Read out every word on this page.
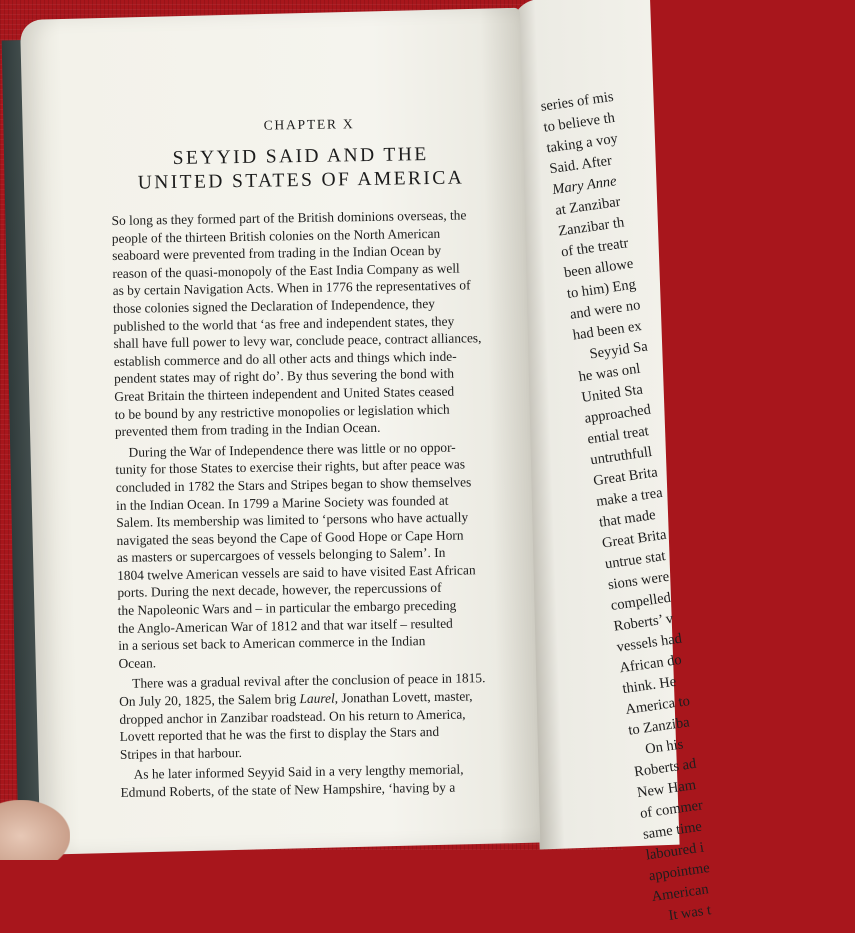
series of mis
to believe th
taking a voy
Said. After
Mary Anne
at Zanzibar
Zanzibar th
of the treatr
been allowe
to him) Eng
and were no
had been ex
Seyyid Sa
he was onl
United Sta
approached
ential treat
untruthfull
Great Brita
make a trea
that made
Great Brita
untrue stat
sions were
compelled
Roberts’ v
vessels had
African do
think. He
America to
to Zanziba
On his
Roberts ad
New Ham
of commer
same time
laboured i
appointme
American
It was t
CHAPTER X
SEYYID SAID AND THE
UNITED STATES OF AMERICA

So long as they formed part of the British dominions overseas, the
people of the thirteen British colonies on the North American
seaboard were prevented from trading in the Indian Ocean by
reason of the quasi-monopoly of the East India Company as well
as by certain Navigation Acts. When in 1776 the representatives of
those colonies signed the Declaration of Independence, they
published to the world that ‘as free and independent states, they
shall have full power to levy war, conclude peace, contract alliances,
establish commerce and do all other acts and things which inde-
pendent states may of right do’. By thus severing the bond with
Great Britain the thirteen independent and United States ceased
to be bound by any restrictive monopolies or legislation which
prevented them from trading in the Indian Ocean.

 During the War of Independence there was little or no oppor-
tunity for those States to exercise their rights, but after peace was
concluded in 1782 the Stars and Stripes began to show themselves
in the Indian Ocean. In 1799 a Marine Society was founded at
Salem. Its membership was limited to ‘persons who have actually
navigated the seas beyond the Cape of Good Hope or Cape Horn
as masters or supercargoes of vessels belonging to Salem’. In
1804 twelve American vessels are said to have visited East African
ports. During the next decade, however, the repercussions of
the Napoleonic Wars and – in particular the embargo preceding
the Anglo-American War of 1812 and that war itself – resulted
in a serious set back to American commerce in the Indian
Ocean.

 There was a gradual revival after the conclusion of peace in 1815.
On July 20, 1825, the Salem brig Laurel, Jonathan Lovett, master,
dropped anchor in Zanzibar roadstead. On his return to America,
Lovett reported that he was the first to display the Stars and
Stripes in that harbour.

 As he later informed Seyyid Said in a very lengthy memorial,
Edmund Roberts, of the state of New Hampshire, ‘having by a
